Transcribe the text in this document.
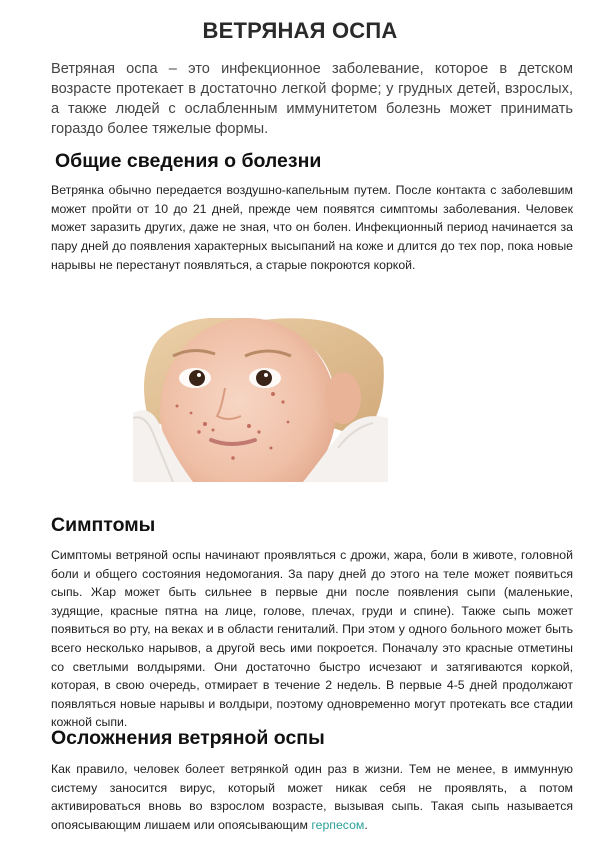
ВЕТРЯНАЯ ОСПА

Ветряная оспа – это инфекционное заболевание, которое в детском возрасте протекает в достаточно легкой форме; у грудных детей, взрослых, а также людей с ослабленным иммунитетом болезнь может принимать гораздо более тяжелые формы.

Общие сведения о болезни

Ветрянка обычно передается воздушно-капельным путем. После контакта с заболевшим может пройти от 10 до 21 дней, прежде чем появятся симптомы заболевания. Человек может заразить других, даже не зная, что он болен. Инфекционный период начинается за пару дней до появления характерных высыпаний на коже и длится до тех пор, пока новые нарывы не перестанут появляться, а старые покроются коркой.

Симптомы

Симптомы ветряной оспы начинают проявляться с дрожи, жара, боли в животе, головной боли и общего состояния недомогания. За пару дней до этого на теле может появиться сыпь. Жар может быть сильнее в первые дни после появления сыпи (маленькие, зудящие, красные пятна на лице, голове, плечах, груди и спине). Также сыпь может появиться во рту, на веках и в области гениталий. При этом у одного больного может быть всего несколько нарывов, а другой весь ими покроется. Поначалу это красные отметины со светлыми волдырями. Они достаточно быстро исчезают и затягиваются коркой, которая, в свою очередь, отмирает в течение 2 недель. В первые 4-5 дней продолжают появляться новые нарывы и волдыри, поэтому одновременно могут протекать все стадии кожной сыпи.

Осложнения ветряной оспы

Как правило, человек болеет ветрянкой один раз в жизни. Тем не менее, в иммунную систему заносится вирус, который может никак себя не проявлять, а потом активироваться вновь во взрослом возрасте, вызывая сыпь. Такая сыпь называется опоясывающим лишаем или опоясывающим герпесом.
